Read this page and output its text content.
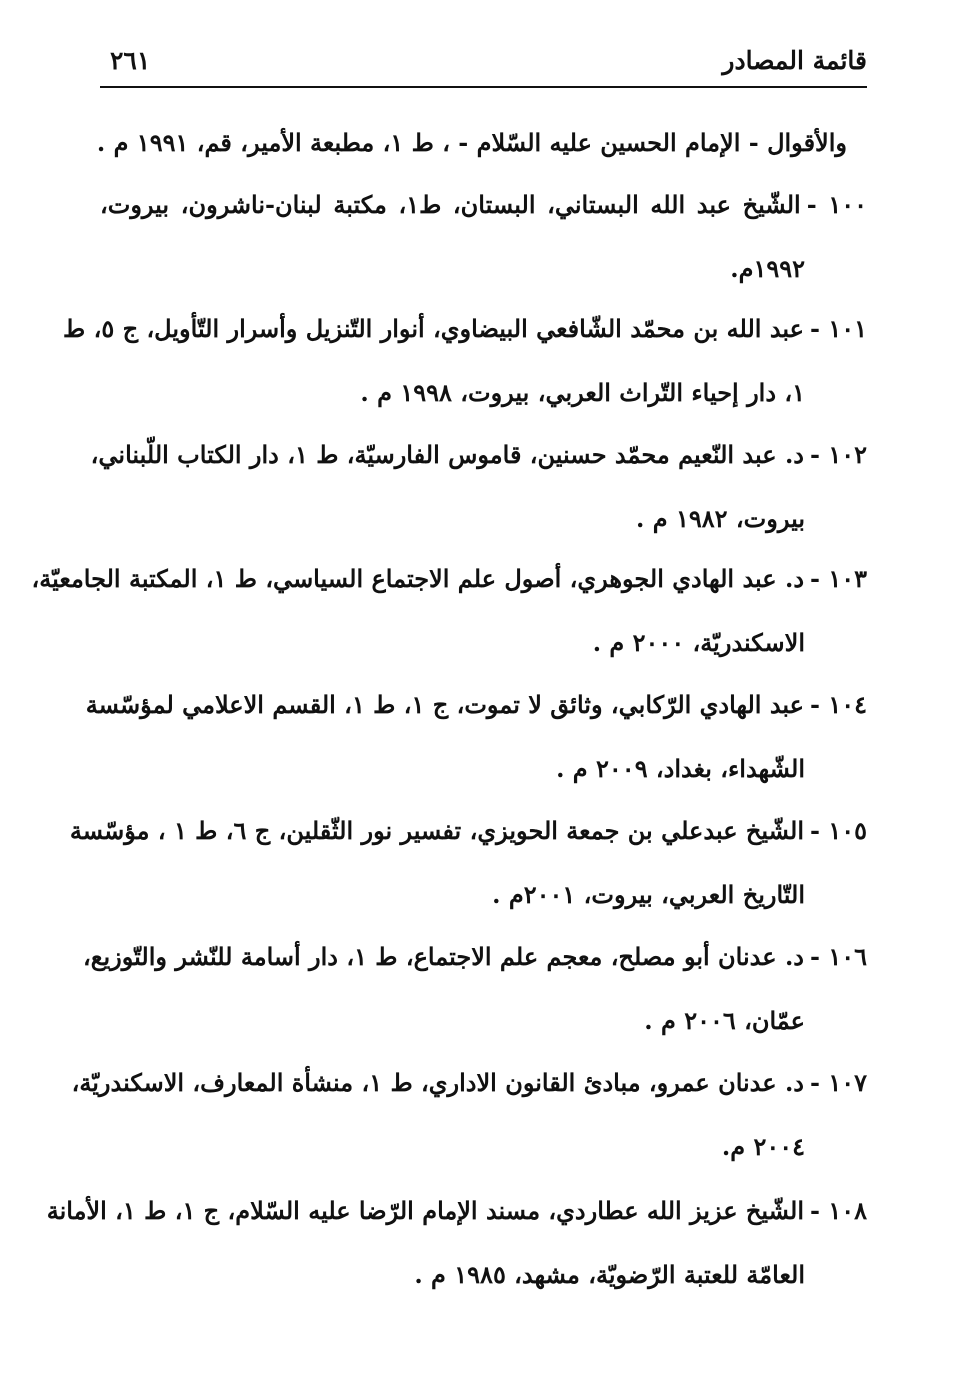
قائمة المصادر
٢٦١
والأقوال - الإمام الحسين عليه السّلام - ، ط ١، مطبعة الأمير، قم، ١٩٩١ م .
١٠٠ -الشّيخ عبد الله البستاني، البستان، ط١، مكتبة لبنان-ناشرون، بيروت،
١٩٩٢م.
١٠١ -عبد الله بن محمّد الشّافعي البيضاوي، أنوار التّنزيل وأسرار التّأويل، ج ٥، ط
١، دار إحياء التّراث العربي، بيروت، ١٩٩٨ م .
١٠٢ -د. عبد النّعيم محمّد حسنين، قاموس الفارسيّة، ط ١، دار الكتاب اللّبناني،
بيروت، ١٩٨٢ م .
١٠٣ -د. عبد الهادي الجوهري، أصول علم الاجتماع السياسي، ط ١، المكتبة الجامعيّة،
الاسكندريّة، ٢٠٠٠ م .
١٠٤ -عبد الهادي الرّكابي، وثائق لا تموت، ج ١، ط ١، القسم الاعلامي لمؤسّسة
الشّهداء، بغداد، ٢٠٠٩ م .
١٠٥ -الشّيخ عبدعلي بن جمعة الحويزي، تفسير نور الثّقلين، ج ٦، ط ١ ، مؤسّسة
التّاريخ العربي، بيروت، ٢٠٠١م .
١٠٦ -د. عدنان أبو مصلح، معجم علم الاجتماع، ط ١، دار أسامة للنّشر والتّوزيع،
عمّان، ٢٠٠٦ م .
١٠٧ -د. عدنان عمرو، مبادئ القانون الاداري، ط ١، منشأة المعارف، الاسكندريّة،
٢٠٠٤ م.
١٠٨ -الشّيخ عزيز الله عطاردي، مسند الإمام الرّضا عليه السّلام، ج ١، ط ١، الأمانة
العامّة للعتبة الرّضويّة، مشهد، ١٩٨٥ م .
